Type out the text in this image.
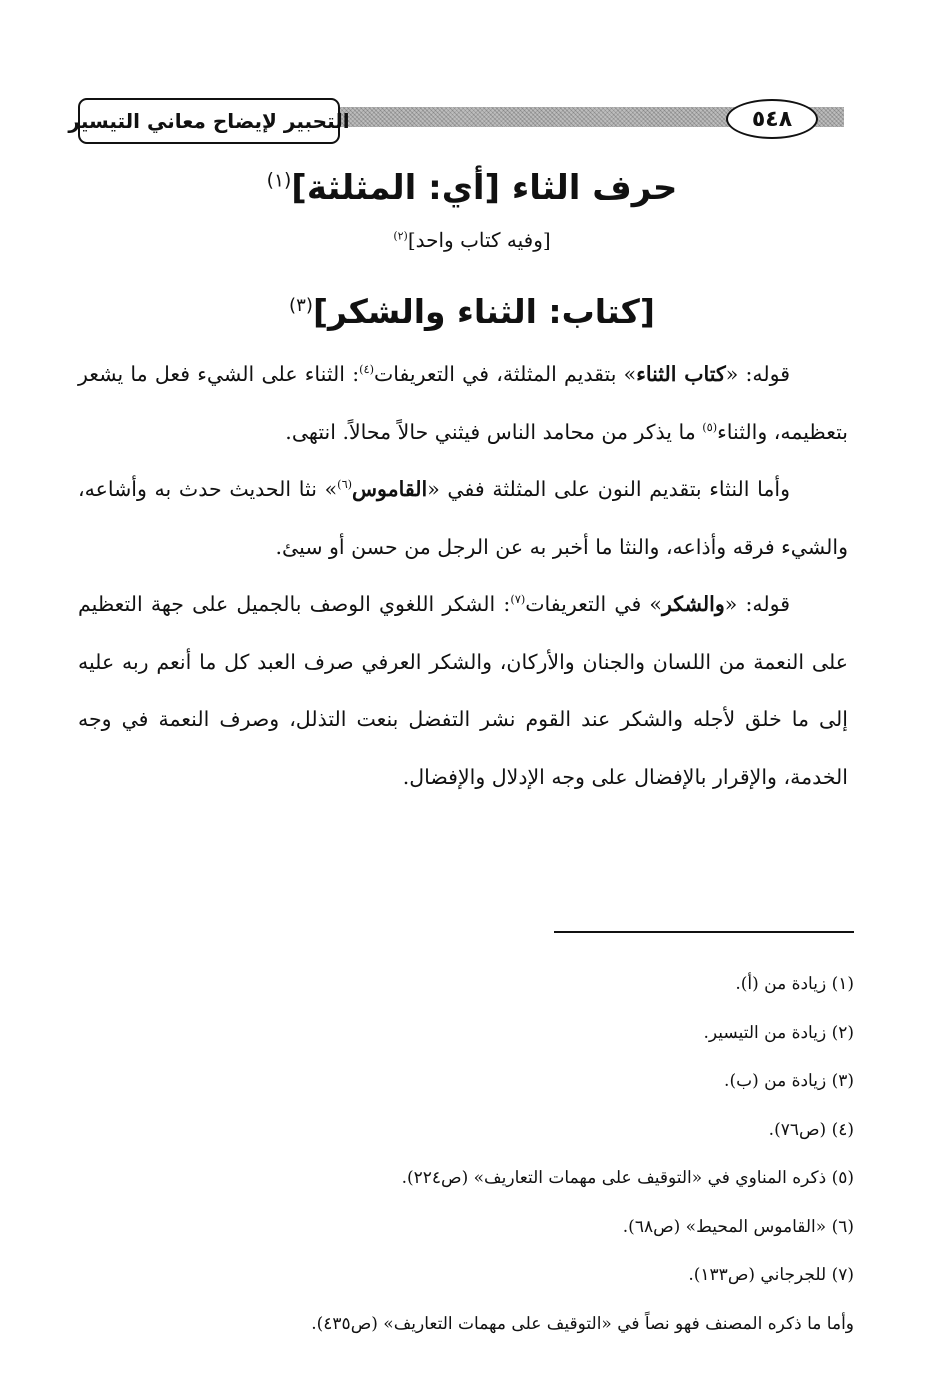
التحبير لإيضاح معاني التيسير	٥٤٨
حرف الثاء [أي: المثلثة]$^{(١)}$
[وفيه كتاب واحد]$^{(٢)}$
[كتاب: الثناء والشكر]$^{(٣)}$

قوله: «كتاب الثناء» بتقديم المثلثة، في التعريفات$^{(٤)}$: الثناء على الشيء فعل ما يشعر بتعظيمه، والثناء$^{(٥)}$ ما يذكر من محامد الناس فيثني حالاً محالاً. انتهى.

وأما النثاء بتقديم النون على المثلثة ففي «القاموس$^{(٦)}$» نثا الحديث حدث به وأشاعه، والشيء فرقه وأذاعه، والنثا ما أخبر به عن الرجل من حسن أو سيئ.

قوله: «والشكر» في التعريفات$^{(٧)}$: الشكر اللغوي الوصف بالجميل على جهة التعظيم على النعمة من اللسان والجنان والأركان، والشكر العرفي صرف العبد كل ما أنعم ربه عليه إلى ما خلق لأجله والشكر عند القوم نشر التفضل بنعت التذلل، وصرف النعمة في وجه الخدمة، والإقرار بالإفضال على وجه الإدلال والإفضال.

(١) زيادة من (أ).
(٢) زيادة من التيسير.
(٣) زيادة من (ب).
(٤) (ص٧٦).
(٥) ذكره المناوي في «التوقيف على مهمات التعاريف» (ص٢٢٤).
(٦) «القاموس المحيط» (ص٦٨).
(٧) للجرجاني (ص١٣٣).
وأما ما ذكره المصنف فهو نصاً في «التوقيف على مهمات التعاريف» (ص٤٣٥).
